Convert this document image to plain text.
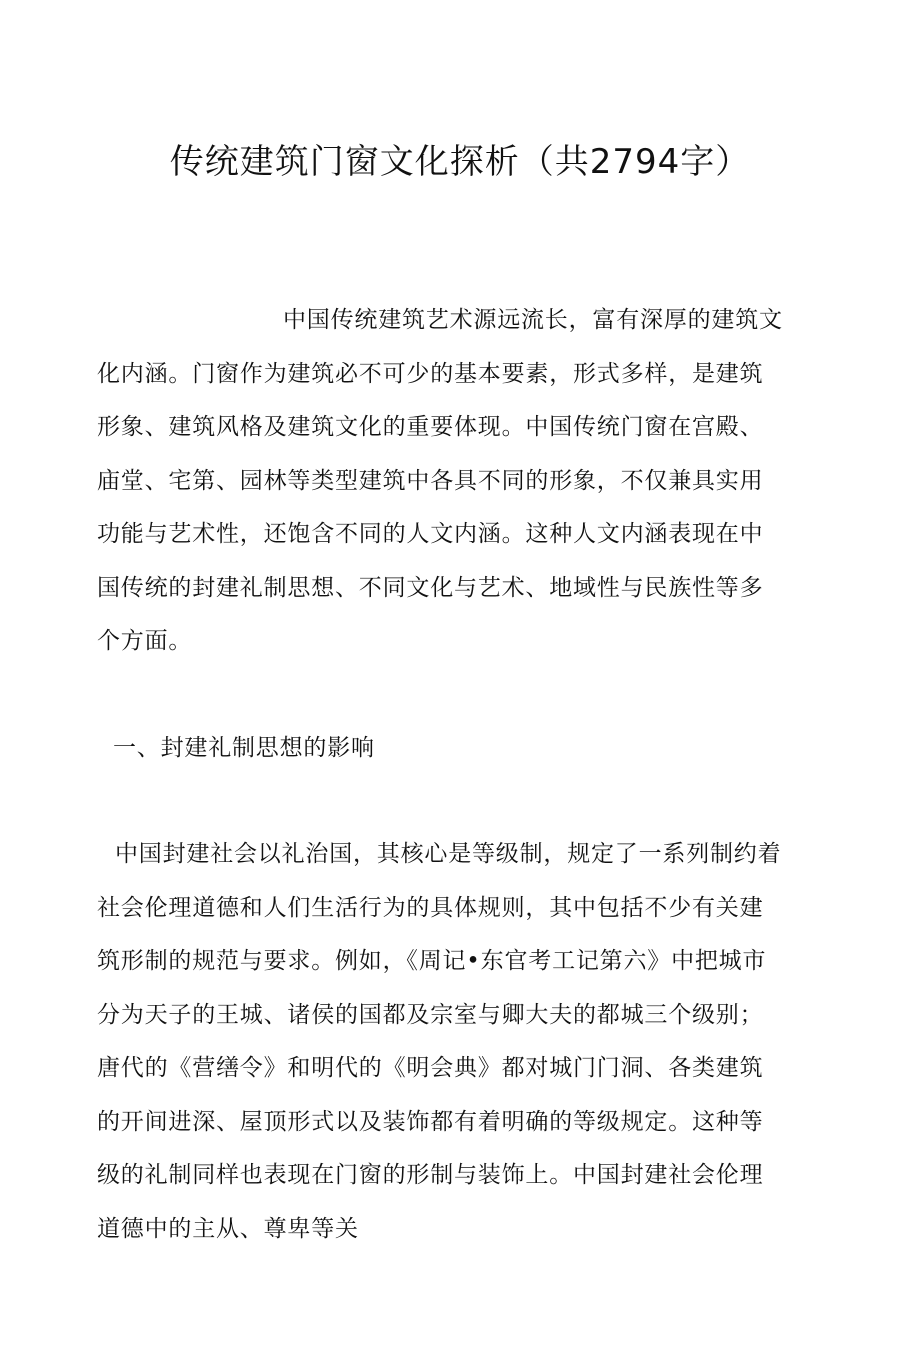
传统建筑门窗文化探析（共2794字）

中国传统建筑艺术源远流长，富有深厚的建筑文化内涵。门窗作为建筑必不可少的基本要素，形式多样，是建筑形象、建筑风格及建筑文化的重要体现。中国传统门窗在宫殿、庙堂、宅第、园林等类型建筑中各具不同的形象，不仅兼具实用功能与艺术性，还饱含不同的人文内涵。这种人文内涵表现在中国传统的封建礼制思想、不同文化与艺术、地域性与民族性等多个方面。

一、封建礼制思想的影响

中国封建社会以礼治国，其核心是等级制，规定了一系列制约着社会伦理道德和人们生活行为的具体规则，其中包括不少有关建筑形制的规范与要求。例如，《周记•东官考工记第六》中把城市分为天子的王城、诸侯的国都及宗室与卿大夫的都城三个级别；唐代的《营缮令》和明代的《明会典》都对城门门洞、各类建筑的开间进深、屋顶形式以及装饰都有着明确的等级规定。这种等级的礼制同样也表现在门窗的形制与装饰上。中国封建社会伦理道德中的主从、尊卑等关
